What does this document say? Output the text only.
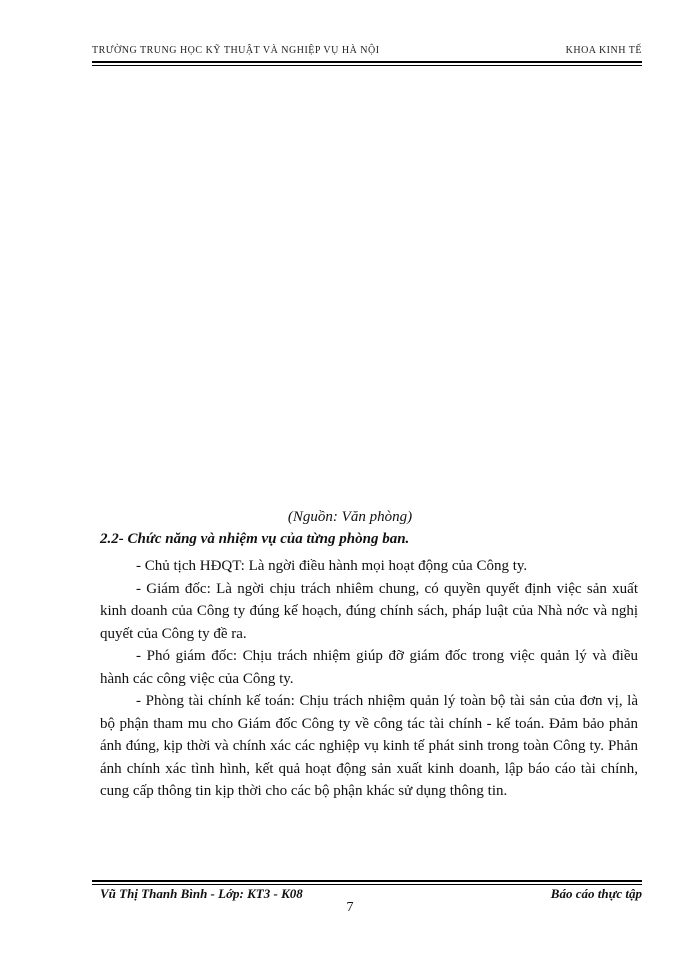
TRƯỜNG TRUNG HỌC KỸ THUẬT VÀ NGHIỆP VỤ HÀ NỘI	KHOA KINH TẾ
(Nguồn: Văn phòng)
2.2- Chức năng và nhiệm vụ của từng phòng ban.

- Chủ tịch HĐQT: Là ngời điều hành mọi hoạt động của Công ty.

- Giám đốc: Là ngời chịu trách nhiêm chung, có quyền quyết định việc sản xuất kinh doanh của Công ty đúng kế hoạch, đúng chính sách, pháp luật của Nhà nớc và nghị quyết của Công ty đề ra.

- Phó giám đốc: Chịu trách nhiệm giúp đỡ giám đốc trong việc quản lý và điều hành các công việc của Công ty.

- Phòng tài chính kế toán: Chịu trách nhiệm quản lý toàn bộ tài sản của đơn vị, là bộ phận tham mu cho Giám đốc Công ty về công tác tài chính - kế toán. Đảm bảo phản ánh đúng, kịp thời và chính xác các nghiệp vụ kinh tế phát sinh trong toàn Công ty. Phản ánh chính xác tình hình, kết quả hoạt động sản xuất kinh doanh, lập báo cáo tài chính, cung cấp thông tin kịp thời cho các bộ phận khác sử dụng thông tin.

Vũ Thị Thanh Bình - Lớp: KT3 - K08	Báo cáo thực tập
7
